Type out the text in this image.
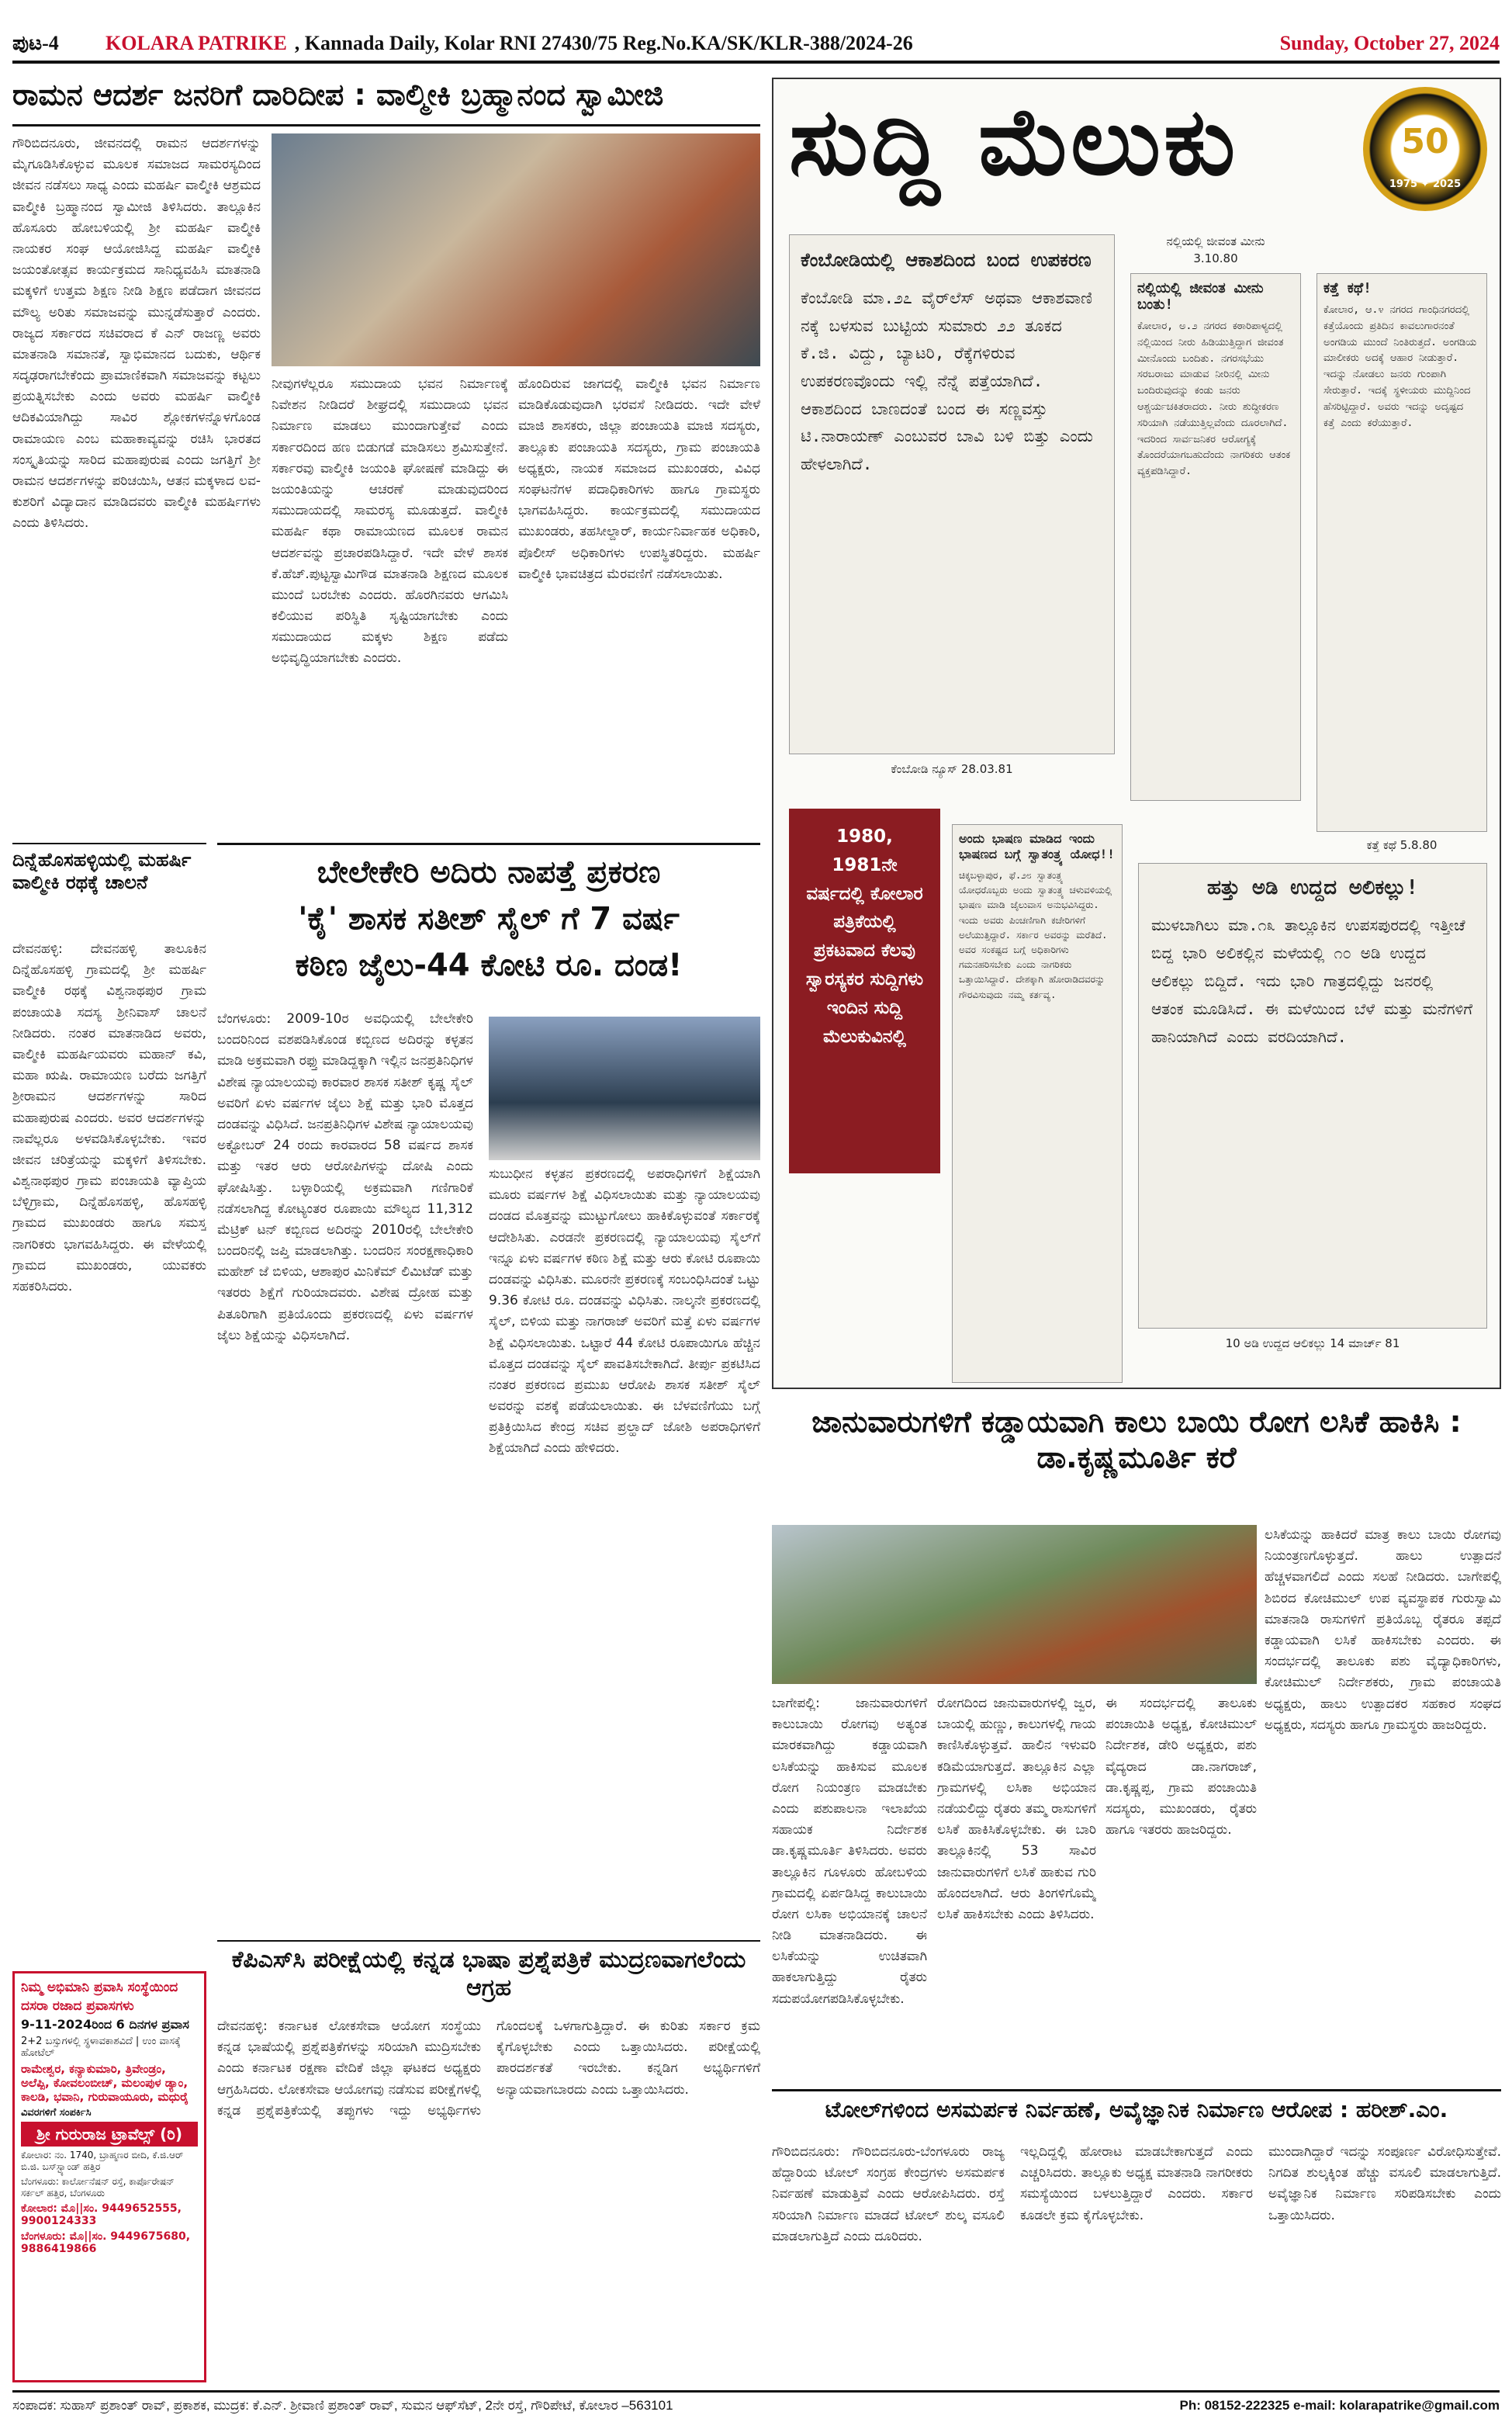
ಪುಟ-4	KOLARA PATRIKE , Kannada Daily, Kolar RNI 27430/75 Reg.No.KA/SK/KLR-388/2024-26	Sunday, October 27, 2024
ರಾಮನ ಆದರ್ಶ ಜನರಿಗೆ ದಾರಿದೀಪ : ವಾಲ್ಮೀಕಿ ಬ್ರಹ್ಮಾನಂದ ಸ್ವಾಮೀಜಿ
ಗೌರಿಬಿದನೂರು, ಜೀವನದಲ್ಲಿ ರಾಮನ ಆದರ್ಶಗಳನ್ನು ಮೈಗೂಡಿಸಿಕೊಳ್ಳುವ ಮೂಲಕ ಸಮಾಜದ ಸಾಮರಸ್ಯದಿಂದ ಜೀವನ ನಡೆಸಲು ಸಾಧ್ಯ ಎಂದು ಮಹರ್ಷಿ ವಾಲ್ಮೀಕಿ ಆಶ್ರಮದ ವಾಲ್ಮೀಕಿ ಬ್ರಹ್ಮಾನಂದ ಸ್ವಾಮೀಜಿ ತಿಳಿಸಿದರು. ತಾಲ್ಲೂಕಿನ ಹೊಸೂರು ಹೋಬಳಿಯಲ್ಲಿ ಶ್ರೀ ಮಹರ್ಷಿ ವಾಲ್ಮೀಕಿ ನಾಯಕರ ಸಂಘ ಆಯೋಜಿಸಿದ್ದ ಮಹರ್ಷಿ ವಾಲ್ಮೀಕಿ ಜಯಂತೋತ್ಸವ ಕಾರ್ಯಕ್ರಮದ ಸಾನಿಧ್ಯವಹಿಸಿ ಮಾತನಾಡಿ ಮಕ್ಕಳಿಗೆ ಉತ್ತಮ ಶಿಕ್ಷಣ ನೀಡಿ ಶಿಕ್ಷಣ ಪಡೆದಾಗ ಜೀವನದ ಮೌಲ್ಯ ಅರಿತು ಸಮಾಜವನ್ನು ಮುನ್ನಡೆಸುತ್ತಾರೆ ಎಂದರು. ರಾಜ್ಯದ ಸರ್ಕಾರದ ಸಚಿವರಾದ ಕೆ ಎನ್ ರಾಜಣ್ಣ ಅವರು ಮಾತನಾಡಿ ಸಮಾನತೆ, ಸ್ವಾಭಿಮಾನದ ಬದುಕು, ಆರ್ಥಿಕ ಸದೃಢರಾಗಬೇಕೆಂದು ಪ್ರಾಮಾಣಿಕವಾಗಿ ಸಮಾಜವನ್ನು ಕಟ್ಟಲು ಪ್ರಯತ್ನಿಸಬೇಕು ಎಂದು ಅವರು ಮಹರ್ಷಿ ವಾಲ್ಮೀಕಿ ಆದಿಕವಿಯಾಗಿದ್ದು ಸಾವಿರ ಶ್ಲೋಕಗಳನ್ನೊಳಗೊಂಡ ರಾಮಾಯಣ ಎಂಬ ಮಹಾಕಾವ್ಯವನ್ನು ರಚಿಸಿ ಭಾರತದ ಸಂಸ್ಕೃತಿಯನ್ನು ಸಾರಿದ ಮಹಾಪುರುಷ ಎಂದು ಜಗತ್ತಿಗೆ ಶ್ರೀ ರಾಮನ ಆದರ್ಶಗಳನ್ನು ಪರಿಚಯಿಸಿ, ಆತನ ಮಕ್ಕಳಾದ ಲವ-ಕುಶರಿಗೆ ವಿದ್ಯಾದಾನ ಮಾಡಿದವರು ವಾಲ್ಮೀಕಿ ಮಹರ್ಷಿಗಳು ಎಂದು ತಿಳಿಸಿದರು.
ನೀವುಗಳೆಲ್ಲರೂ ಸಮುದಾಯ ಭವನ ನಿರ್ಮಾಣಕ್ಕೆ ನಿವೇಶನ ನೀಡಿದರೆ ಶೀಘ್ರದಲ್ಲಿ ಸಮುದಾಯ ಭವನ ನಿರ್ಮಾಣ ಮಾಡಲು ಮುಂದಾಗುತ್ತೇವೆ ಎಂದು ಸರ್ಕಾರದಿಂದ ಹಣ ಬಿಡುಗಡೆ ಮಾಡಿಸಲು ಶ್ರಮಿಸುತ್ತೇನೆ. ಸರ್ಕಾರವು ವಾಲ್ಮೀಕಿ ಜಯಂತಿ ಘೋಷಣೆ ಮಾಡಿದ್ದು ಈ ಜಯಂತಿಯನ್ನು ಆಚರಣೆ ಮಾಡುವುದರಿಂದ ಸಮುದಾಯದಲ್ಲಿ ಸಾಮರಸ್ಯ ಮೂಡುತ್ತದೆ. ವಾಲ್ಮೀಕಿ ಮಹರ್ಷಿ ಕಥಾ ರಾಮಾಯಣದ ಮೂಲಕ ರಾಮನ ಆದರ್ಶವನ್ನು ಪ್ರಚಾರಪಡಿಸಿದ್ದಾರೆ. ಇದೇ ವೇಳೆ ಶಾಸಕ ಕೆ.ಹೆಚ್.ಪುಟ್ಟಸ್ವಾಮಿಗೌಡ ಮಾತನಾಡಿ ಶಿಕ್ಷಣದ ಮೂಲಕ ಮುಂದೆ ಬರಬೇಕು ಎಂದರು. ಹೊರಗಿನವರು ಆಗಮಿಸಿ ಕಲಿಯುವ ಪರಿಸ್ಥಿತಿ ಸೃಷ್ಟಿಯಾಗಬೇಕು ಎಂದು ಸಮುದಾಯದ ಮಕ್ಕಳು ಶಿಕ್ಷಣ ಪಡೆದು ಅಭಿವೃದ್ಧಿಯಾಗಬೇಕು ಎಂದರು.
ಹೊಂದಿರುವ ಜಾಗದಲ್ಲಿ ವಾಲ್ಮೀಕಿ ಭವನ ನಿರ್ಮಾಣ ಮಾಡಿಕೊಡುವುದಾಗಿ ಭರವಸೆ ನೀಡಿದರು. ಇದೇ ವೇಳೆ ಮಾಜಿ ಶಾಸಕರು, ಜಿಲ್ಲಾ ಪಂಚಾಯತಿ ಮಾಜಿ ಸದಸ್ಯರು, ತಾಲ್ಲೂಕು ಪಂಚಾಯತಿ ಸದಸ್ಯರು, ಗ್ರಾಮ ಪಂಚಾಯತಿ ಅಧ್ಯಕ್ಷರು, ನಾಯಕ ಸಮಾಜದ ಮುಖಂಡರು, ವಿವಿಧ ಸಂಘಟನೆಗಳ ಪದಾಧಿಕಾರಿಗಳು ಹಾಗೂ ಗ್ರಾಮಸ್ಥರು ಭಾಗವಹಿಸಿದ್ದರು. ಕಾರ್ಯಕ್ರಮದಲ್ಲಿ ಸಮುದಾಯದ ಮುಖಂಡರು, ತಹಸೀಲ್ದಾರ್, ಕಾರ್ಯನಿರ್ವಾಹಕ ಅಧಿಕಾರಿ, ಪೊಲೀಸ್ ಅಧಿಕಾರಿಗಳು ಉಪಸ್ಥಿತರಿದ್ದರು. ಮಹರ್ಷಿ ವಾಲ್ಮೀಕಿ ಭಾವಚಿತ್ರದ ಮೆರವಣಿಗೆ ನಡೆಸಲಾಯಿತು.
ದಿನ್ನೆಹೊಸಹಳ್ಳಿಯಲ್ಲಿ ಮಹರ್ಷಿ ವಾಲ್ಮೀಕಿ ರಥಕ್ಕೆ ಚಾಲನೆ
ದೇವನಹಳ್ಳಿ: ದೇವನಹಳ್ಳಿ ತಾಲೂಕಿನ ದಿನ್ನೆಹೊಸಹಳ್ಳಿ ಗ್ರಾಮದಲ್ಲಿ ಶ್ರೀ ಮಹರ್ಷಿ ವಾಲ್ಮೀಕಿ ರಥಕ್ಕೆ ವಿಶ್ವನಾಥಪುರ ಗ್ರಾಮ ಪಂಚಾಯತಿ ಸದಸ್ಯ ಶ್ರೀನಿವಾಸ್ ಚಾಲನೆ ನೀಡಿದರು. ನಂತರ ಮಾತನಾಡಿದ ಅವರು, ವಾಲ್ಮೀಕಿ ಮಹರ್ಷಿಯವರು ಮಹಾನ್ ಕವಿ, ಮಹಾ ಋಷಿ. ರಾಮಾಯಣ ಬರೆದು ಜಗತ್ತಿಗೆ ಶ್ರೀರಾಮನ ಆದರ್ಶಗಳನ್ನು ಸಾರಿದ ಮಹಾಪುರುಷ ಎಂದರು. ಅವರ ಆದರ್ಶಗಳನ್ನು ನಾವೆಲ್ಲರೂ ಅಳವಡಿಸಿಕೊಳ್ಳಬೇಕು. ಇವರ ಜೀವನ ಚರಿತ್ರೆಯನ್ನು ಮಕ್ಕಳಿಗೆ ತಿಳಿಸಬೇಕು. ವಿಶ್ವನಾಥಪುರ ಗ್ರಾಮ ಪಂಚಾಯತಿ ವ್ಯಾಪ್ತಿಯ ಬೆಳ್ಳಿಗ್ರಾಮ, ದಿನ್ನೆಹೊಸಹಳ್ಳಿ, ಹೊಸಹಳ್ಳಿ ಗ್ರಾಮದ ಮುಖಂಡರು ಹಾಗೂ ಸಮಸ್ತ ನಾಗರಿಕರು ಭಾಗವಹಿಸಿದ್ದರು. ಈ ವೇಳೆಯಲ್ಲಿ ಗ್ರಾಮದ ಮುಖಂಡರು, ಯುವಕರು ಸಹಕರಿಸಿದರು.
ಬೇಲೇಕೇರಿ ಅದಿರು ನಾಪತ್ತೆ ಪ್ರಕರಣ
'ಕೈ' ಶಾಸಕ ಸತೀಶ್ ಸೈಲ್ ಗೆ 7 ವರ್ಷ
ಕಠಿಣ ಜೈಲು-44 ಕೋಟಿ ರೂ. ದಂಡ!
ಬೆಂಗಳೂರು: 2009-10ರ ಅವಧಿಯಲ್ಲಿ ಬೇಲೇಕೇರಿ ಬಂದರಿನಿಂದ ವಶಪಡಿಸಿಕೊಂಡ ಕಬ್ಬಿಣದ ಅದಿರನ್ನು ಕಳ್ಳತನ ಮಾಡಿ ಅಕ್ರಮವಾಗಿ ರಫ್ತು ಮಾಡಿದ್ದಕ್ಕಾಗಿ ಇಲ್ಲಿನ ಜನಪ್ರತಿನಿಧಿಗಳ ವಿಶೇಷ ನ್ಯಾಯಾಲಯವು ಕಾರವಾರ ಶಾಸಕ ಸತೀಶ್ ಕೃಷ್ಣ ಸೈಲ್ ಅವರಿಗೆ ಏಳು ವರ್ಷಗಳ ಜೈಲು ಶಿಕ್ಷೆ ಮತ್ತು ಭಾರಿ ಮೊತ್ತದ ದಂಡವನ್ನು ವಿಧಿಸಿದೆ. ಜನಪ್ರತಿನಿಧಿಗಳ ವಿಶೇಷ ನ್ಯಾಯಾಲಯವು ಅಕ್ಟೋಬರ್ 24 ರಂದು ಕಾರವಾರದ 58 ವರ್ಷದ ಶಾಸಕ ಮತ್ತು ಇತರ ಆರು ಆರೋಪಿಗಳನ್ನು ದೋಷಿ ಎಂದು ಘೋಷಿಸಿತ್ತು. ಬಳ್ಳಾರಿಯಲ್ಲಿ ಅಕ್ರಮವಾಗಿ ಗಣಿಗಾರಿಕೆ ನಡೆಸಲಾಗಿದ್ದ ಕೋಟ್ಯಂತರ ರೂಪಾಯಿ ಮೌಲ್ಯದ 11,312 ಮೆಟ್ರಿಕ್ ಟನ್ ಕಬ್ಬಿಣದ ಅದಿರನ್ನು 2010ರಲ್ಲಿ ಬೇಲೇಕೇರಿ ಬಂದರಿನಲ್ಲಿ ಜಪ್ತಿ ಮಾಡಲಾಗಿತ್ತು. ಬಂದರಿನ ಸಂರಕ್ಷಣಾಧಿಕಾರಿ ಮಹೇಶ್ ಜೆ ಬಿಳಿಯ, ಆಶಾಪುರ ಮಿನಿಕೆಮ್ ಲಿಮಿಟೆಡ್ ಮತ್ತು ಇತರರು ಶಿಕ್ಷೆಗೆ ಗುರಿಯಾದವರು. ವಿಶೇಷ ದ್ರೋಹ ಮತ್ತು ಪಿತೂರಿಗಾಗಿ ಪ್ರತಿಯೊಂದು ಪ್ರಕರಣದಲ್ಲಿ ಏಳು ವರ್ಷಗಳ ಜೈಲು ಶಿಕ್ಷೆಯನ್ನು ವಿಧಿಸಲಾಗಿದೆ.
ಸುಬುಧೀನ ಕಳ್ಳತನ ಪ್ರಕರಣದಲ್ಲಿ ಅಪರಾಧಿಗಳಿಗೆ ಶಿಕ್ಷೆಯಾಗಿ ಮೂರು ವರ್ಷಗಳ ಶಿಕ್ಷೆ ವಿಧಿಸಲಾಯಿತು ಮತ್ತು ನ್ಯಾಯಾಲಯವು ದಂಡದ ಮೊತ್ತವನ್ನು ಮುಟ್ಟುಗೋಲು ಹಾಕಿಕೊಳ್ಳುವಂತೆ ಸರ್ಕಾರಕ್ಕೆ ಆದೇಶಿಸಿತು. ಎರಡನೇ ಪ್ರಕರಣದಲ್ಲಿ ನ್ಯಾಯಾಲಯವು ಸೈಲ್‌ಗೆ ಇನ್ನೂ ಏಳು ವರ್ಷಗಳ ಕಠಿಣ ಶಿಕ್ಷೆ ಮತ್ತು ಆರು ಕೋಟಿ ರೂಪಾಯಿ ದಂಡವನ್ನು ವಿಧಿಸಿತು. ಮೂರನೇ ಪ್ರಕರಣಕ್ಕೆ ಸಂಬಂಧಿಸಿದಂತೆ ಒಟ್ಟು 9.36 ಕೋಟಿ ರೂ. ದಂಡವನ್ನು ವಿಧಿಸಿತು. ನಾಲ್ಕನೇ ಪ್ರಕರಣದಲ್ಲಿ ಸೈಲ್, ಬಿಳಿಯ ಮತ್ತು ನಾಗರಾಜ್ ಅವರಿಗೆ ಮತ್ತೆ ಏಳು ವರ್ಷಗಳ ಶಿಕ್ಷೆ ವಿಧಿಸಲಾಯಿತು. ಒಟ್ಟಾರೆ 44 ಕೋಟಿ ರೂಪಾಯಿಗೂ ಹೆಚ್ಚಿನ ಮೊತ್ತದ ದಂಡವನ್ನು ಸೈಲ್ ಪಾವತಿಸಬೇಕಾಗಿದೆ. ತೀರ್ಪು ಪ್ರಕಟಿಸಿದ ನಂತರ ಪ್ರಕರಣದ ಪ್ರಮುಖ ಆರೋಪಿ ಶಾಸಕ ಸತೀಶ್ ಸೈಲ್ ಅವರನ್ನು ವಶಕ್ಕೆ ಪಡೆಯಲಾಯಿತು. ಈ ಬೆಳವಣಿಗೆಯು ಬಗ್ಗೆ ಪ್ರತಿಕ್ರಿಯಿಸಿದ ಕೇಂದ್ರ ಸಚಿವ ಪ್ರಲ್ಹಾದ್ ಜೋಶಿ ಅಪರಾಧಿಗಳಿಗೆ ಶಿಕ್ಷೆಯಾಗಿದೆ ಎಂದು ಹೇಳಿದರು.
ಕೆಪಿಎಸ್‌ಸಿ ಪರೀಕ್ಷೆಯಲ್ಲಿ ಕನ್ನಡ ಭಾಷಾ ಪ್ರಶ್ನೆಪತ್ರಿಕೆ ಮುದ್ರಣವಾಗಲೆಂದು ಆಗ್ರಹ
ದೇವನಹಳ್ಳಿ: ಕರ್ನಾಟಕ ಲೋಕಸೇವಾ ಆಯೋಗ ಸಂಸ್ಥೆಯು ಕನ್ನಡ ಭಾಷೆಯಲ್ಲಿ ಪ್ರಶ್ನೆಪತ್ರಿಕೆಗಳನ್ನು ಸರಿಯಾಗಿ ಮುದ್ರಿಸಬೇಕು ಎಂದು ಕರ್ನಾಟಕ ರಕ್ಷಣಾ ವೇದಿಕೆ ಜಿಲ್ಲಾ ಘಟಕದ ಅಧ್ಯಕ್ಷರು ಆಗ್ರಹಿಸಿದರು. ಲೋಕಸೇವಾ ಆಯೋಗವು ನಡೆಸುವ ಪರೀಕ್ಷೆಗಳಲ್ಲಿ ಕನ್ನಡ ಪ್ರಶ್ನೆಪತ್ರಿಕೆಯಲ್ಲಿ ತಪ್ಪುಗಳು ಇದ್ದು ಅಭ್ಯರ್ಥಿಗಳು ಗೊಂದಲಕ್ಕೆ ಒಳಗಾಗುತ್ತಿದ್ದಾರೆ. ಈ ಕುರಿತು ಸರ್ಕಾರ ಕ್ರಮ ಕೈಗೊಳ್ಳಬೇಕು ಎಂದು ಒತ್ತಾಯಿಸಿದರು. ಪರೀಕ್ಷೆಯಲ್ಲಿ ಪಾರದರ್ಶಕತೆ ಇರಬೇಕು. ಕನ್ನಡಿಗ ಅಭ್ಯರ್ಥಿಗಳಿಗೆ ಅನ್ಯಾಯವಾಗಬಾರದು ಎಂದು ಒತ್ತಾಯಿಸಿದರು.
ನಿಮ್ಮ ಅಭಿಮಾನಿ ಪ್ರವಾಸಿ ಸಂಸ್ಥೆಯಿಂದ
ದಸರಾ ರಜಾದ ಪ್ರವಾಸಗಳು
9-11-2024ರಿಂದ 6 ದಿನಗಳ ಪ್ರವಾಸ
2+2 ಬಸ್ಸುಗಳಲ್ಲಿ ಸ್ಥಳಾವಕಾಶವಿದೆ | ಉಂ ವಾಸಕ್ಕೆ ಹೋಟೆಲ್
ರಾಮೇಶ್ವರ, ಕನ್ಯಾಕುಮಾರಿ, ತ್ರಿವೇಂಡ್ರಂ, ಅಲೆಪ್ಪಿ, ಕೋವಲಂಬೀಚ್, ಮಲಂಪುಳ ಡ್ಯಾಂ, ಕಾಲಡಿ, ಭವಾನಿ, ಗುರುವಾಯೂರು, ಮಧುರೈ
ವಿವರಗಳಿಗೆ ಸಂಪರ್ಕಿಸಿ
ಶ್ರೀ ಗುರುರಾಜ ಟ್ರಾವೆಲ್ಸ್ (ರಿ)
ಕೋಲಾರ: ನಂ. 1740, ಬ್ರಾಹ್ಮಣರ ಬೀದಿ, ಕೆ.ಜಿ.ಆರ್ ಬಿ.ಜಿ. ಬಸ್‌ಸ್ಟ್ಯಾಂಡ್ ಹತ್ತಿರ
ಬೆಂಗಳೂರು: ಕಾರ್ಲೋನೆಷನ್ ರಸ್ತೆ, ಕಾರ್ಪೊರೇಷನ್ ಸರ್ಕಲ್ ಹತ್ತಿರ, ಬೆಂಗಳೂರು
ಕೋಲಾರ: ಮೊ||ಸಂ. 9449652555, 9900124333
ಬೆಂಗಳೂರು: ಮೊ||ಸಂ. 9449675680, 9886419866
ಸುದ್ದಿ ಮೆಲುಕು	50
1975 ✦ 2025
ಕೆಂಬೋಡಿಯಲ್ಲಿ ಆಕಾಶದಿಂದ ಬಂದ ಉಪಕರಣ
ಕೆಂಬೋಡಿ ಮಾ.೨೭ ವೈರ್‌ಲೆಸ್ ಅಥವಾ ಆಕಾಶವಾಣಿ ನಕ್ಕೆ ಬಳಸುವ ಬುಟ್ಟಿಯ ಸುಮಾರು ೨೨ ತೂಕದ ಕೆ.ಜಿ. ವಿದ್ದು, ಬ್ಯಾಟರಿ, ರೆಕ್ಕೆಗಳಿರುವ ಉಪಕರಣವೊಂದು ಇಲ್ಲಿ ನೆನ್ನೆ ಪತ್ತೆಯಾಗಿದೆ. ಆಕಾಶದಿಂದ ಬಾಣದಂತೆ ಬಂದ ಈ ಸಣ್ಣವಸ್ತು ಟಿ.ನಾರಾಯಣ್ ಎಂಬುವರ ಬಾವಿ ಬಳಿ ಬಿತ್ತು ಎಂದು ಹೇಳಲಾಗಿದೆ.
ಕೆಂಬೋಡಿ ನ್ಯೂಸ್ 28.03.81
ನಲ್ಲಿಯಲ್ಲಿ ಜೀವಂತ ಮೀನು
3.10.80
ನಲ್ಲಿಯಲ್ಲಿ ಜೀವಂತ ಮೀನು ಬಂತು!
ಕೋಲಾರ, ಅ.೨ ನಗರದ ಕಠಾರಿಪಾಳ್ಯದಲ್ಲಿ ನಲ್ಲಿಯಿಂದ ನೀರು ಹಿಡಿಯುತ್ತಿದ್ದಾಗ ಜೀವಂತ ಮೀನೊಂದು ಬಂದಿತು. ನಗರಸಭೆಯು ಸರಬರಾಜು ಮಾಡುವ ನೀರಿನಲ್ಲಿ ಮೀನು ಬಂದಿರುವುದನ್ನು ಕಂಡು ಜನರು ಆಶ್ಚರ್ಯಚಕಿತರಾದರು. ನೀರು ಶುದ್ಧೀಕರಣ ಸರಿಯಾಗಿ ನಡೆಯುತ್ತಿಲ್ಲವೆಂದು ದೂರಲಾಗಿದೆ. ಇದರಿಂದ ಸಾರ್ವಜನಿಕರ ಆರೋಗ್ಯಕ್ಕೆ ತೊಂದರೆಯಾಗಬಹುದೆಂದು ನಾಗರಿಕರು ಆತಂಕ ವ್ಯಕ್ತಪಡಿಸಿದ್ದಾರೆ.
ಕತ್ತೆ ಕಥೆ!
ಕೋಲಾರ, ಆ.೪ ನಗರದ ಗಾಂಧಿನಗರದಲ್ಲಿ ಕತ್ತೆಯೊಂದು ಪ್ರತಿದಿನ ಕಾವಲುಗಾರನಂತೆ ಅಂಗಡಿಯ ಮುಂದೆ ನಿಂತಿರುತ್ತದೆ. ಅಂಗಡಿಯ ಮಾಲೀಕರು ಅದಕ್ಕೆ ಆಹಾರ ನೀಡುತ್ತಾರೆ. ಇದನ್ನು ನೋಡಲು ಜನರು ಗುಂಪಾಗಿ ಸೇರುತ್ತಾರೆ. ಇದಕ್ಕೆ ಸ್ಥಳೀಯರು ಮುದ್ದಿನಿಂದ ಹೆಸರಿಟ್ಟಿದ್ದಾರೆ. ಅವರು ಇದನ್ನು ಅದೃಷ್ಟದ ಕತ್ತೆ ಎಂದು ಕರೆಯುತ್ತಾರೆ.
ಕತ್ತೆ ಕಥೆ 5.8.80
1980, 1981ನೇ ವರ್ಷದಲ್ಲಿ ಕೋಲಾರ ಪತ್ರಿಕೆಯಲ್ಲಿ ಪ್ರಕಟವಾದ ಕೆಲವು ಸ್ವಾರಸ್ಯಕರ ಸುದ್ದಿಗಳು ಇಂದಿನ ಸುದ್ದಿ ಮೆಲುಕುವಿನಲ್ಲಿ
ಅಂದು ಭಾಷಣ ಮಾಡಿದ ಇಂದು ಭಾಷಣದ ಬಗ್ಗೆ ಸ್ವಾತಂತ್ರ್ಯ ಯೋಧ!!
ಚಿಕ್ಕಬಳ್ಳಾಪುರ, ಫೆ.೨೮ ಸ್ವಾತಂತ್ರ್ಯ ಯೋಧರೊಬ್ಬರು ಅಂದು ಸ್ವಾತಂತ್ರ್ಯ ಚಳುವಳಿಯಲ್ಲಿ ಭಾಷಣ ಮಾಡಿ ಜೈಲುವಾಸ ಅನುಭವಿಸಿದ್ದರು. ಇಂದು ಅವರು ಪಿಂಚಣಿಗಾಗಿ ಕಚೇರಿಗಳಿಗೆ ಅಲೆಯುತ್ತಿದ್ದಾರೆ. ಸರ್ಕಾರ ಅವರನ್ನು ಮರೆತಿದೆ. ಅವರ ಸಂಕಷ್ಟದ ಬಗ್ಗೆ ಅಧಿಕಾರಿಗಳು ಗಮನಹರಿಸಬೇಕು ಎಂದು ನಾಗರಿಕರು ಒತ್ತಾಯಿಸಿದ್ದಾರೆ. ದೇಶಕ್ಕಾಗಿ ಹೋರಾಡಿದವರನ್ನು ಗೌರವಿಸುವುದು ನಮ್ಮ ಕರ್ತವ್ಯ.
ಹತ್ತು ಅಡಿ ಉದ್ದದ ಅಲಿಕಲ್ಲು!
ಮುಳಬಾಗಿಲು ಮಾ.೧೩ ತಾಲ್ಲೂಕಿನ ಉಪಸಪುರದಲ್ಲಿ ಇತ್ತೀಚೆ ಬಿದ್ದ ಭಾರಿ ಅಲಿಕಲ್ಲಿನ ಮಳೆಯಲ್ಲಿ ೧೦ ಅಡಿ ಉದ್ದದ ಆಲಿಕಲ್ಲು ಬಿದ್ದಿದೆ. ಇದು ಭಾರಿ ಗಾತ್ರದಲ್ಲಿದ್ದು ಜನರಲ್ಲಿ ಆತಂಕ ಮೂಡಿಸಿದೆ. ಈ ಮಳೆಯಿಂದ ಬೆಳೆ ಮತ್ತು ಮನೆಗಳಿಗೆ ಹಾನಿಯಾಗಿದೆ ಎಂದು ವರದಿಯಾಗಿದೆ.
10 ಅಡಿ ಉದ್ದದ ಆಲಿಕಲ್ಲು 14 ಮಾರ್ಚ್ 81
ಜಾನುವಾರುಗಳಿಗೆ ಕಡ್ಡಾಯವಾಗಿ ಕಾಲು ಬಾಯಿ ರೋಗ ಲಸಿಕೆ ಹಾಕಿಸಿ : ಡಾ.ಕೃಷ್ಣಮೂರ್ತಿ ಕರೆ
ಲಸಿಕೆಯನ್ನು ಹಾಕಿದರೆ ಮಾತ್ರ ಕಾಲು ಬಾಯಿ ರೋಗವು ನಿಯಂತ್ರಣಗೊಳ್ಳುತ್ತದೆ. ಹಾಲು ಉತ್ಪಾದನೆ ಹೆಚ್ಚಳವಾಗಲಿದೆ ಎಂದು ಸಲಹೆ ನೀಡಿದರು. ಬಾಗೇಪಲ್ಲಿ ಶಿಬಿರದ ಕೋಚಿಮುಲ್ ಉಪ ವ್ಯವಸ್ಥಾಪಕ ಗುರುಸ್ವಾಮಿ ಮಾತನಾಡಿ ರಾಸುಗಳಿಗೆ ಪ್ರತಿಯೊಬ್ಬ ರೈತರೂ ತಪ್ಪದೆ ಕಡ್ಡಾಯವಾಗಿ ಲಸಿಕೆ ಹಾಕಿಸಬೇಕು ಎಂದರು. ಈ ಸಂದರ್ಭದಲ್ಲಿ ತಾಲೂಕು ಪಶು ವೈದ್ಯಾಧಿಕಾರಿಗಳು, ಕೋಚಿಮುಲ್ ನಿರ್ದೇಶಕರು, ಗ್ರಾಮ ಪಂಚಾಯತಿ ಅಧ್ಯಕ್ಷರು, ಹಾಲು ಉತ್ಪಾದಕರ ಸಹಕಾರ ಸಂಘದ ಅಧ್ಯಕ್ಷರು, ಸದಸ್ಯರು ಹಾಗೂ ಗ್ರಾಮಸ್ಥರು ಹಾಜರಿದ್ದರು.
ಬಾಗೇಪಲ್ಲಿ: ಜಾನುವಾರುಗಳಿಗೆ ಕಾಲುಬಾಯಿ ರೋಗವು ಅತ್ಯಂತ ಮಾರಕವಾಗಿದ್ದು ಕಡ್ಡಾಯವಾಗಿ ಲಸಿಕೆಯನ್ನು ಹಾಕಿಸುವ ಮೂಲಕ ರೋಗ ನಿಯಂತ್ರಣ ಮಾಡಬೇಕು ಎಂದು ಪಶುಪಾಲನಾ ಇಲಾಖೆಯ ಸಹಾಯಕ ನಿರ್ದೇಶಕ ಡಾ.ಕೃಷ್ಣಮೂರ್ತಿ ತಿಳಿಸಿದರು. ಅವರು ತಾಲ್ಲೂಕಿನ ಗೂಳೂರು ಹೋಬಳಿಯ ಗ್ರಾಮದಲ್ಲಿ ಏರ್ಪಡಿಸಿದ್ದ ಕಾಲುಬಾಯಿ ರೋಗ ಲಸಿಕಾ ಅಭಿಯಾನಕ್ಕೆ ಚಾಲನೆ ನೀಡಿ ಮಾತನಾಡಿದರು. ಈ ಲಸಿಕೆಯನ್ನು ಉಚಿತವಾಗಿ ಹಾಕಲಾಗುತ್ತಿದ್ದು ರೈತರು ಸದುಪಯೋಗಪಡಿಸಿಕೊಳ್ಳಬೇಕು.
ರೋಗದಿಂದ ಜಾನುವಾರುಗಳಲ್ಲಿ ಜ್ವರ, ಬಾಯಲ್ಲಿ ಹುಣ್ಣು, ಕಾಲುಗಳಲ್ಲಿ ಗಾಯ ಕಾಣಿಸಿಕೊಳ್ಳುತ್ತವೆ. ಹಾಲಿನ ಇಳುವರಿ ಕಡಿಮೆಯಾಗುತ್ತದೆ. ತಾಲ್ಲೂಕಿನ ಎಲ್ಲಾ ಗ್ರಾಮಗಳಲ್ಲಿ ಲಸಿಕಾ ಅಭಿಯಾನ ನಡೆಯಲಿದ್ದು ರೈತರು ತಮ್ಮ ರಾಸುಗಳಿಗೆ ಲಸಿಕೆ ಹಾಕಿಸಿಕೊಳ್ಳಬೇಕು. ಈ ಬಾರಿ ತಾಲ್ಲೂಕಿನಲ್ಲಿ 53 ಸಾವಿರ ಜಾನುವಾರುಗಳಿಗೆ ಲಸಿಕೆ ಹಾಕುವ ಗುರಿ ಹೊಂದಲಾಗಿದೆ. ಆರು ತಿಂಗಳಿಗೊಮ್ಮೆ ಲಸಿಕೆ ಹಾಕಿಸಬೇಕು ಎಂದು ತಿಳಿಸಿದರು.
ಈ ಸಂದರ್ಭದಲ್ಲಿ ತಾಲೂಕು ಪಂಚಾಯಿತಿ ಅಧ್ಯಕ್ಷ, ಕೋಚಿಮುಲ್ ನಿರ್ದೇಶಕ, ಡೇರಿ ಅಧ್ಯಕ್ಷರು, ಪಶು ವೈದ್ಯರಾದ ಡಾ.ನಾಗರಾಜ್, ಡಾ.ಕೃಷ್ಣಪ್ಪ, ಗ್ರಾಮ ಪಂಚಾಯಿತಿ ಸದಸ್ಯರು, ಮುಖಂಡರು, ರೈತರು ಹಾಗೂ ಇತರರು ಹಾಜರಿದ್ದರು.
ಟೋಲ್‌ಗಳಿಂದ ಅಸಮರ್ಪಕ ನಿರ್ವಹಣೆ, ಅವೈಜ್ಞಾನಿಕ ನಿರ್ಮಾಣ ಆರೋಪ : ಹರೀಶ್.ಎಂ.
ಗೌರಿಬಿದನೂರು: ಗೌರಿಬಿದನೂರು-ಬೆಂಗಳೂರು ರಾಜ್ಯ ಹೆದ್ದಾರಿಯ ಟೋಲ್ ಸಂಗ್ರಹ ಕೇಂದ್ರಗಳು ಅಸಮರ್ಪಕ ನಿರ್ವಹಣೆ ಮಾಡುತ್ತಿವೆ ಎಂದು ಆರೋಪಿಸಿದರು. ರಸ್ತೆ ಸರಿಯಾಗಿ ನಿರ್ಮಾಣ ಮಾಡದೆ ಟೋಲ್ ಶುಲ್ಕ ವಸೂಲಿ ಮಾಡಲಾಗುತ್ತಿದೆ ಎಂದು ದೂರಿದರು.
ಇಲ್ಲದಿದ್ದಲ್ಲಿ ಹೋರಾಟ ಮಾಡಬೇಕಾಗುತ್ತದೆ ಎಂದು ಎಚ್ಚರಿಸಿದರು. ತಾಲ್ಲೂಕು ಅಧ್ಯಕ್ಷ ಮಾತನಾಡಿ ನಾಗರೀಕರು ಸಮಸ್ಯೆಯಿಂದ ಬಳಲುತ್ತಿದ್ದಾರೆ ಎಂದರು. ಸರ್ಕಾರ ಕೂಡಲೇ ಕ್ರಮ ಕೈಗೊಳ್ಳಬೇಕು.
ಮುಂದಾಗಿದ್ದಾರೆ ಇದನ್ನು ಸಂಪೂರ್ಣ ವಿರೋಧಿಸುತ್ತೇವೆ. ನಿಗದಿತ ಶುಲ್ಕಕ್ಕಿಂತ ಹೆಚ್ಚು ವಸೂಲಿ ಮಾಡಲಾಗುತ್ತಿದೆ. ಅವೈಜ್ಞಾನಿಕ ನಿರ್ಮಾಣ ಸರಿಪಡಿಸಬೇಕು ಎಂದು ಒತ್ತಾಯಿಸಿದರು.
ಸಂಪಾದಕ: ಸುಹಾಸ್ ಪ್ರಶಾಂತ್ ರಾವ್, ಪ್ರಕಾಶಕ, ಮುದ್ರಕ: ಕೆ.ಎನ್. ಶ್ರೀವಾಣಿ ಪ್ರಶಾಂತ್ ರಾವ್, ಸುಮನ ಆಫ್‌ಸೆಟ್, 2ನೇ ರಸ್ತೆ, ಗೌರಿಪೇಟೆ, ಕೋಲಾರ –563101	Ph: 08152-222325 e-mail: kolarapatrike@gmail.com
